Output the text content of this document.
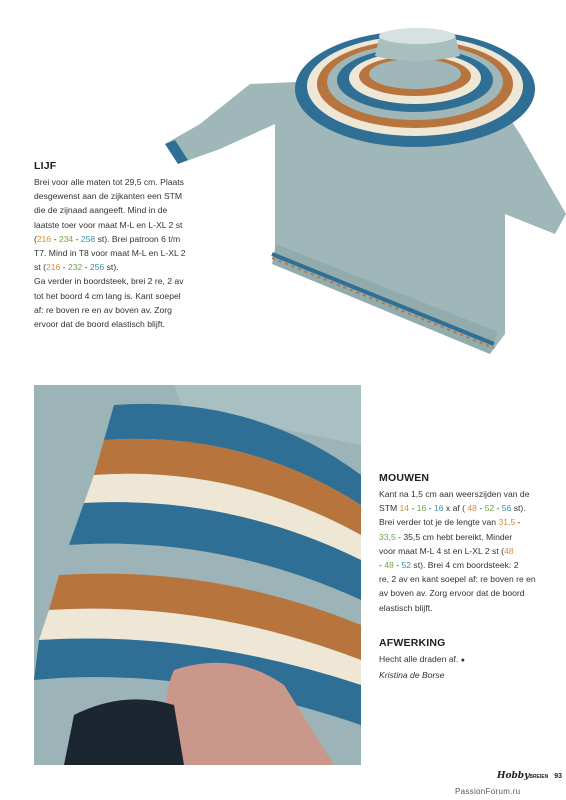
LIJF
Brei voor alle maten tot 29,5 cm. Plaats
desgewenst aan de zijkanten een STM
die de zijnaad aangeeft. Mind in de
laatste toer voor maat M-L en L-XL 2 st
(216 - 234 - 258 st). Brei patroon 6 t/m
T7. Mind in T8 voor maat M-L en L-XL 2
st (216 - 232 - 256 st).
Ga verder in boordsteek, brei 2 re, 2 av
tot het boord 4 cm lang is. Kant soepel
af: re boven re en av boven av. Zorg
ervoor dat de boord elastisch blijft.
MOUWEN
Kant na 1,5 cm aan weerszijden van de
STM 14 - 16 - 16 x af ( 48 - 52 - 56 st).
Brei verder tot je de lengte van 31,5 -
33,5 - 35,5 cm hebt bereikt. Minder
voor maat M-L 4 st en L-XL 2 st (48
- 48 - 52 st). Brei 4 cm boordsteek: 2
re, 2 av en kant soepel af: re boven re en
av boven av. Zorg ervoor dat de boord
elastisch blijft.
AFWERKING
Hecht alle draden af. ●
Kristina de Borse
HobbyBREIEN 93
PassionForum.ru
